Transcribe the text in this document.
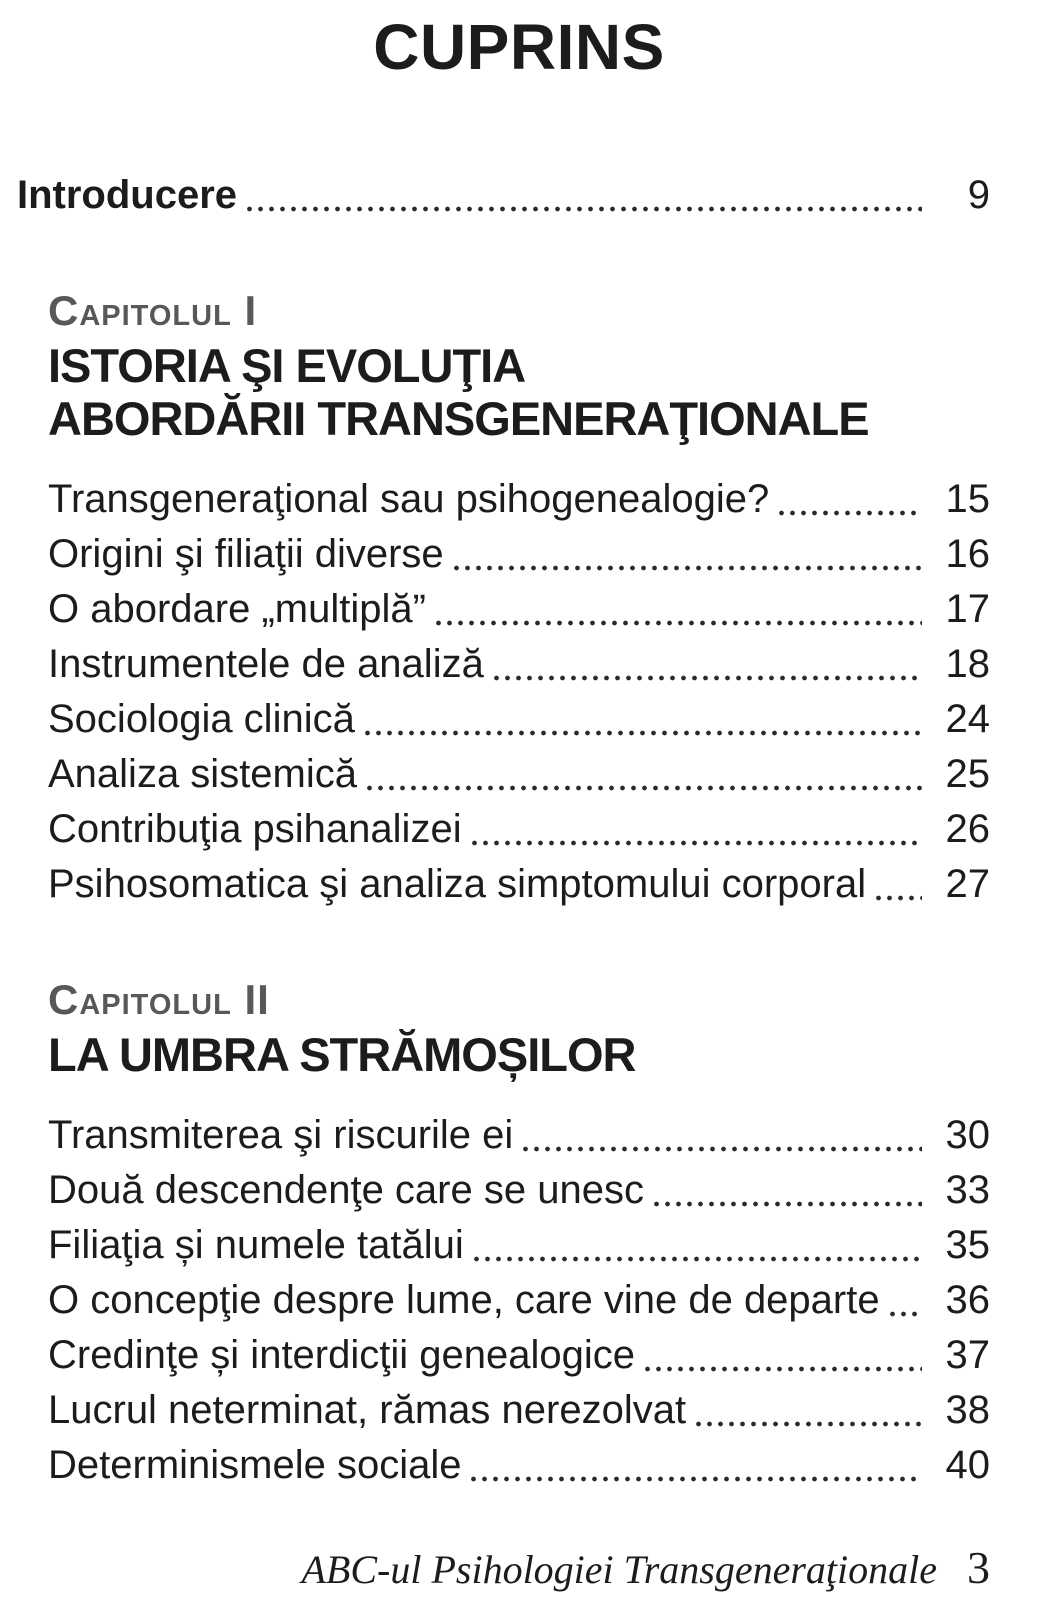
CUPRINS
Introducere	9
Capitolul I
ISTORIA ŞI EVOLUŢIA
ABORDĂRII TRANSGENERAŢIONALE
Transgeneraţional sau psihogenealogie?	15
Origini şi filiaţii diverse	16
O abordare „multiplă”	17
Instrumentele de analiză	18
Sociologia clinică	24
Analiza sistemică	25
Contribuţia psihanalizei	26
Psihosomatica şi analiza simptomului corporal 27
Capitolul II
LA UMBRA STRĂMOȘILOR
Transmiterea şi riscurile ei	30
Două descendenţe care se unesc	33
Filiaţia și numele tatălui	35
O concepţie despre lume, care vine de departe 36
Credinţe și interdicţii genealogice	37
Lucrul neterminat, rămas nerezolvat	38
Determinismele sociale	40
ABC-ul Psihologiei Transgeneraţionale 3
